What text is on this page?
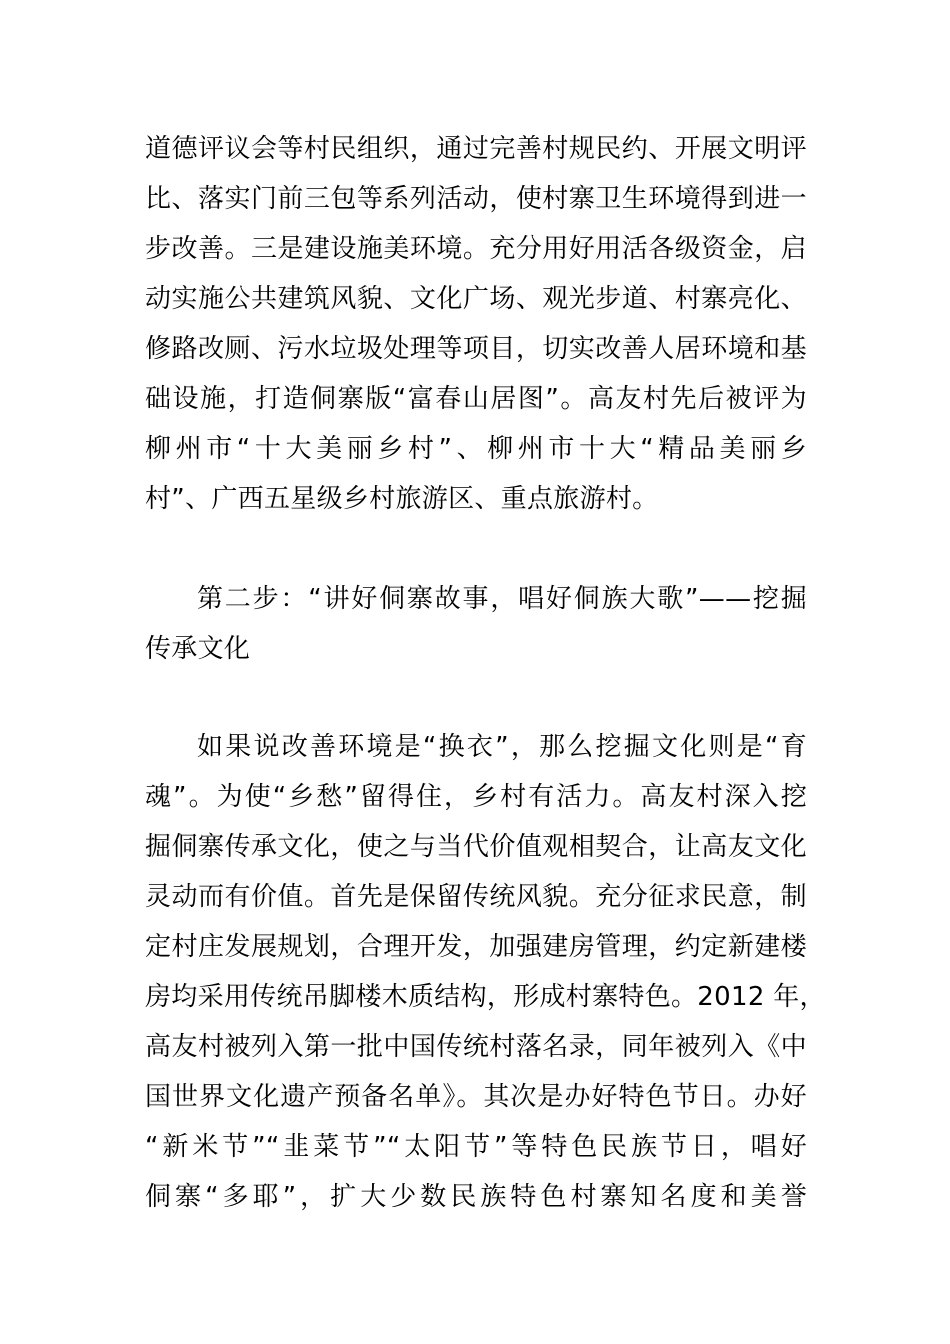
道德评议会等村民组织，通过完善村规民约、开展文明评
比、落实门前三包等系列活动，使村寨卫生环境得到进一
步改善。三是建设施美环境。充分用好用活各级资金，启
动实施公共建筑风貌、文化广场、观光步道、村寨亮化、
修路改厕、污水垃圾处理等项目，切实改善人居环境和基
础设施，打造侗寨版“富春山居图”。高友村先后被评为
柳州市“十大美丽乡村”、柳州市十大“精品美丽乡
村”、广西五星级乡村旅游区、重点旅游村。
第二步：“讲好侗寨故事，唱好侗族大歌”——挖掘
传承文化
如果说改善环境是“换衣”，那么挖掘文化则是“育
魂”。为使“乡愁”留得住，乡村有活力。高友村深入挖
掘侗寨传承文化，使之与当代价值观相契合，让高友文化
灵动而有价值。首先是保留传统风貌。充分征求民意，制
定村庄发展规划，合理开发，加强建房管理，约定新建楼
房均采用传统吊脚楼木质结构，形成村寨特色。2012 年，
高友村被列入第一批中国传统村落名录，同年被列入《中
国世界文化遗产预备名单》。其次是办好特色节日。办好
“新米节”“韭菜节”“太阳节”等特色民族节日，唱好
侗寨“多耶”，扩大少数民族特色村寨知名度和美誉
